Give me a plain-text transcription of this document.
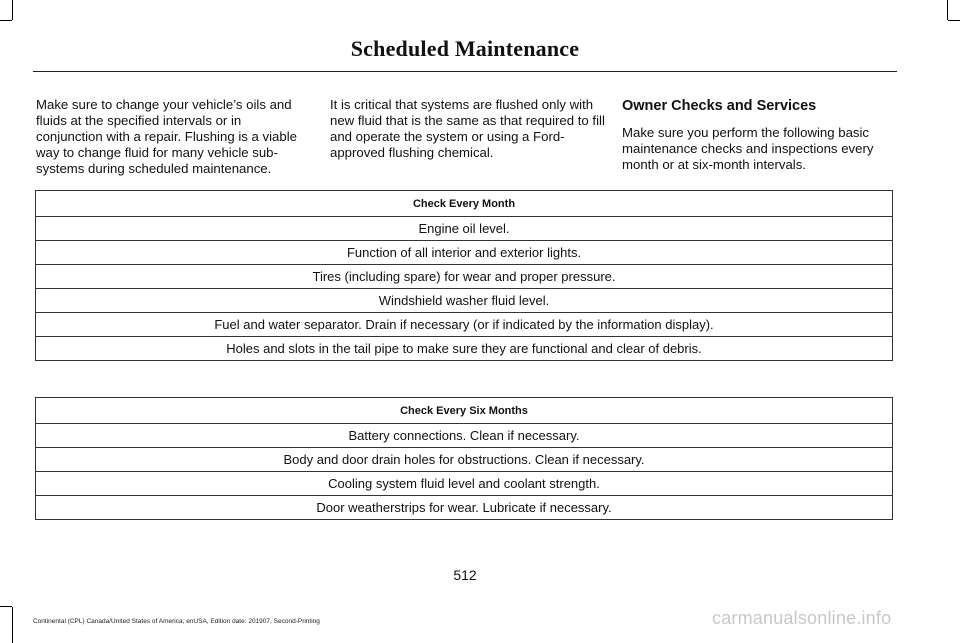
Scheduled Maintenance

Make sure to change your vehicle’s oils and fluids at the specified intervals or in conjunction with a repair. Flushing is a viable way to change fluid for many vehicle sub-systems during scheduled maintenance.

It is critical that systems are flushed only with new fluid that is the same as that required to fill and operate the system or using a Ford-approved flushing chemical.

Owner Checks and Services

Make sure you perform the following basic maintenance checks and inspections every month or at six-month intervals.

Check Every Month
Engine oil level.
Function of all interior and exterior lights.
Tires (including spare) for wear and proper pressure.
Windshield washer fluid level.
Fuel and water separator. Drain if necessary (or if indicated by the information display).
Holes and slots in the tail pipe to make sure they are functional and clear of debris.
Check Every Six Months
Battery connections. Clean if necessary.
Body and door drain holes for obstructions. Clean if necessary.
Cooling system fluid level and coolant strength.
Door weatherstrips for wear. Lubricate if necessary.
512
Continental (CPL) Canada/United States of America, enUSA, Edition date: 201907, Second-Printing	carmanualsonline.info
